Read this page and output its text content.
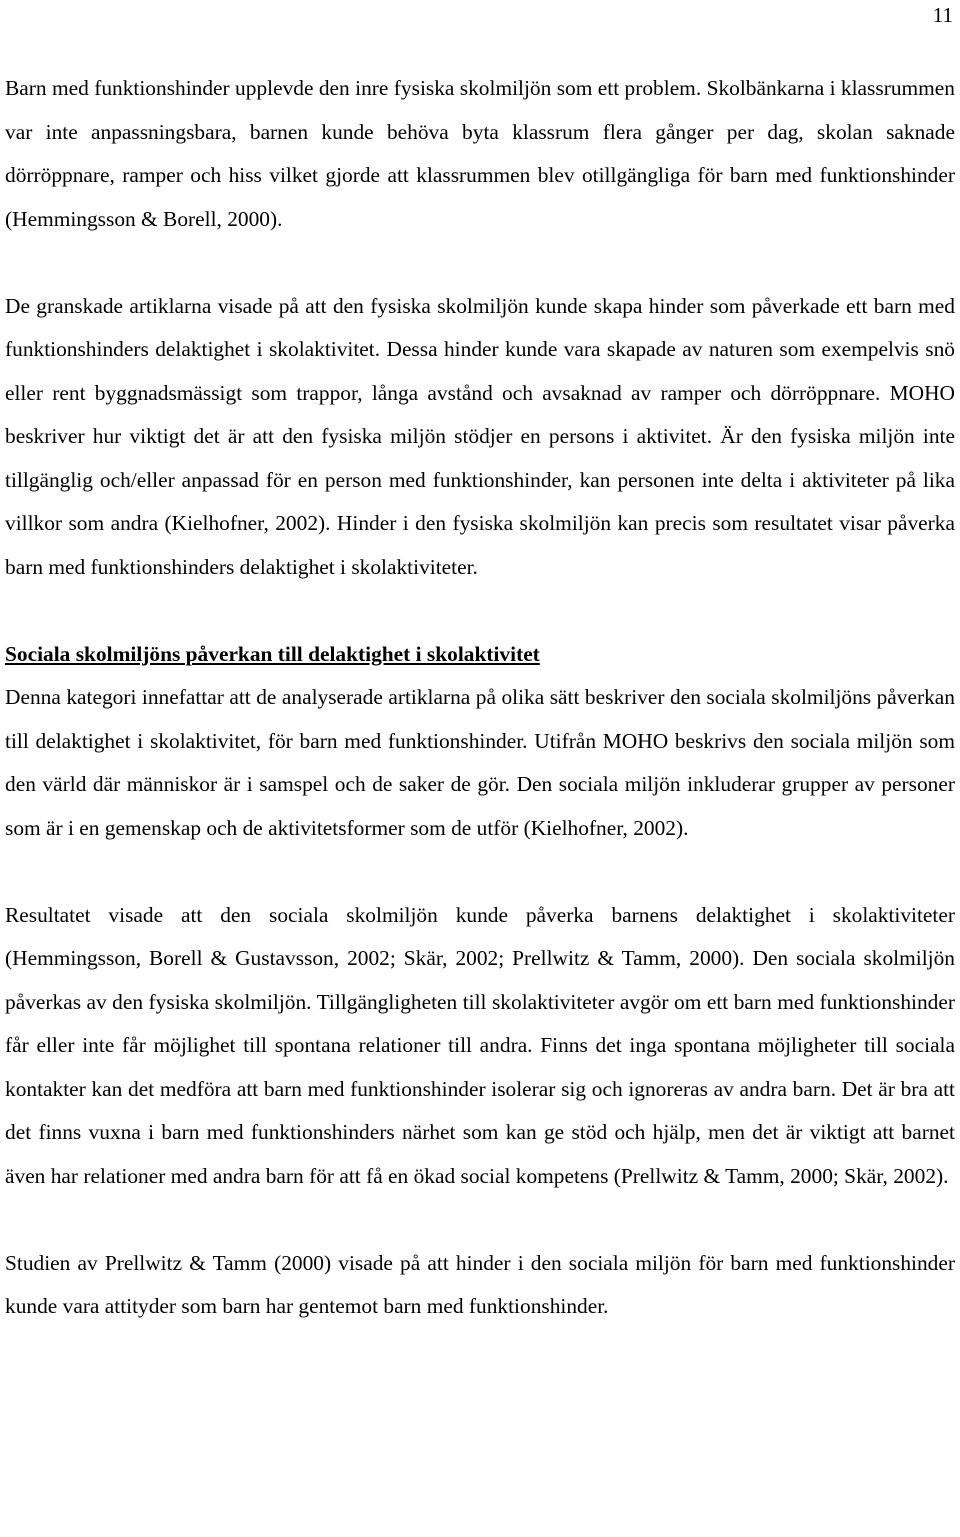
11

Barn med funktionshinder upplevde den inre fysiska skolmiljön som ett problem. Skolbänkarna i klassrummen var inte anpassningsbara, barnen kunde behöva byta klassrum flera gånger per dag, skolan saknade dörröppnare, ramper och hiss vilket gjorde att klassrummen blev otillgängliga för barn med funktionshinder (Hemmingsson & Borell, 2000).

De granskade artiklarna visade på att den fysiska skolmiljön kunde skapa hinder som påverkade ett barn med funktionshinders delaktighet i skolaktivitet. Dessa hinder kunde vara skapade av naturen som exempelvis snö eller rent byggnadsmässigt som trappor, långa avstånd och avsaknad av ramper och dörröppnare. MOHO beskriver hur viktigt det är att den fysiska miljön stödjer en persons i aktivitet. Är den fysiska miljön inte tillgänglig och/eller anpassad för en person med funktionshinder, kan personen inte delta i aktiviteter på lika villkor som andra (Kielhofner, 2002). Hinder i den fysiska skolmiljön kan precis som resultatet visar påverka barn med funktionshinders delaktighet i skolaktiviteter.

Sociala skolmiljöns påverkan till delaktighet i skolaktivitet

Denna kategori innefattar att de analyserade artiklarna på olika sätt beskriver den sociala skolmiljöns påverkan till delaktighet i skolaktivitet, för barn med funktionshinder. Utifrån MOHO beskrivs den sociala miljön som den värld där människor är i samspel och de saker de gör. Den sociala miljön inkluderar grupper av personer som är i en gemenskap och de aktivitetsformer som de utför (Kielhofner, 2002).

Resultatet visade att den sociala skolmiljön kunde påverka barnens delaktighet i skolaktiviteter (Hemmingsson, Borell & Gustavsson, 2002; Skär, 2002; Prellwitz & Tamm, 2000). Den sociala skolmiljön påverkas av den fysiska skolmiljön. Tillgängligheten till skolaktiviteter avgör om ett barn med funktionshinder får eller inte får möjlighet till spontana relationer till andra. Finns det inga spontana möjligheter till sociala kontakter kan det medföra att barn med funktionshinder isolerar sig och ignoreras av andra barn. Det är bra att det finns vuxna i barn med funktionshinders närhet som kan ge stöd och hjälp, men det är viktigt att barnet även har relationer med andra barn för att få en ökad social kompetens (Prellwitz & Tamm, 2000; Skär, 2002).

Studien av Prellwitz & Tamm (2000) visade på att hinder i den sociala miljön för barn med funktionshinder kunde vara attityder som barn har gentemot barn med funktionshinder.
